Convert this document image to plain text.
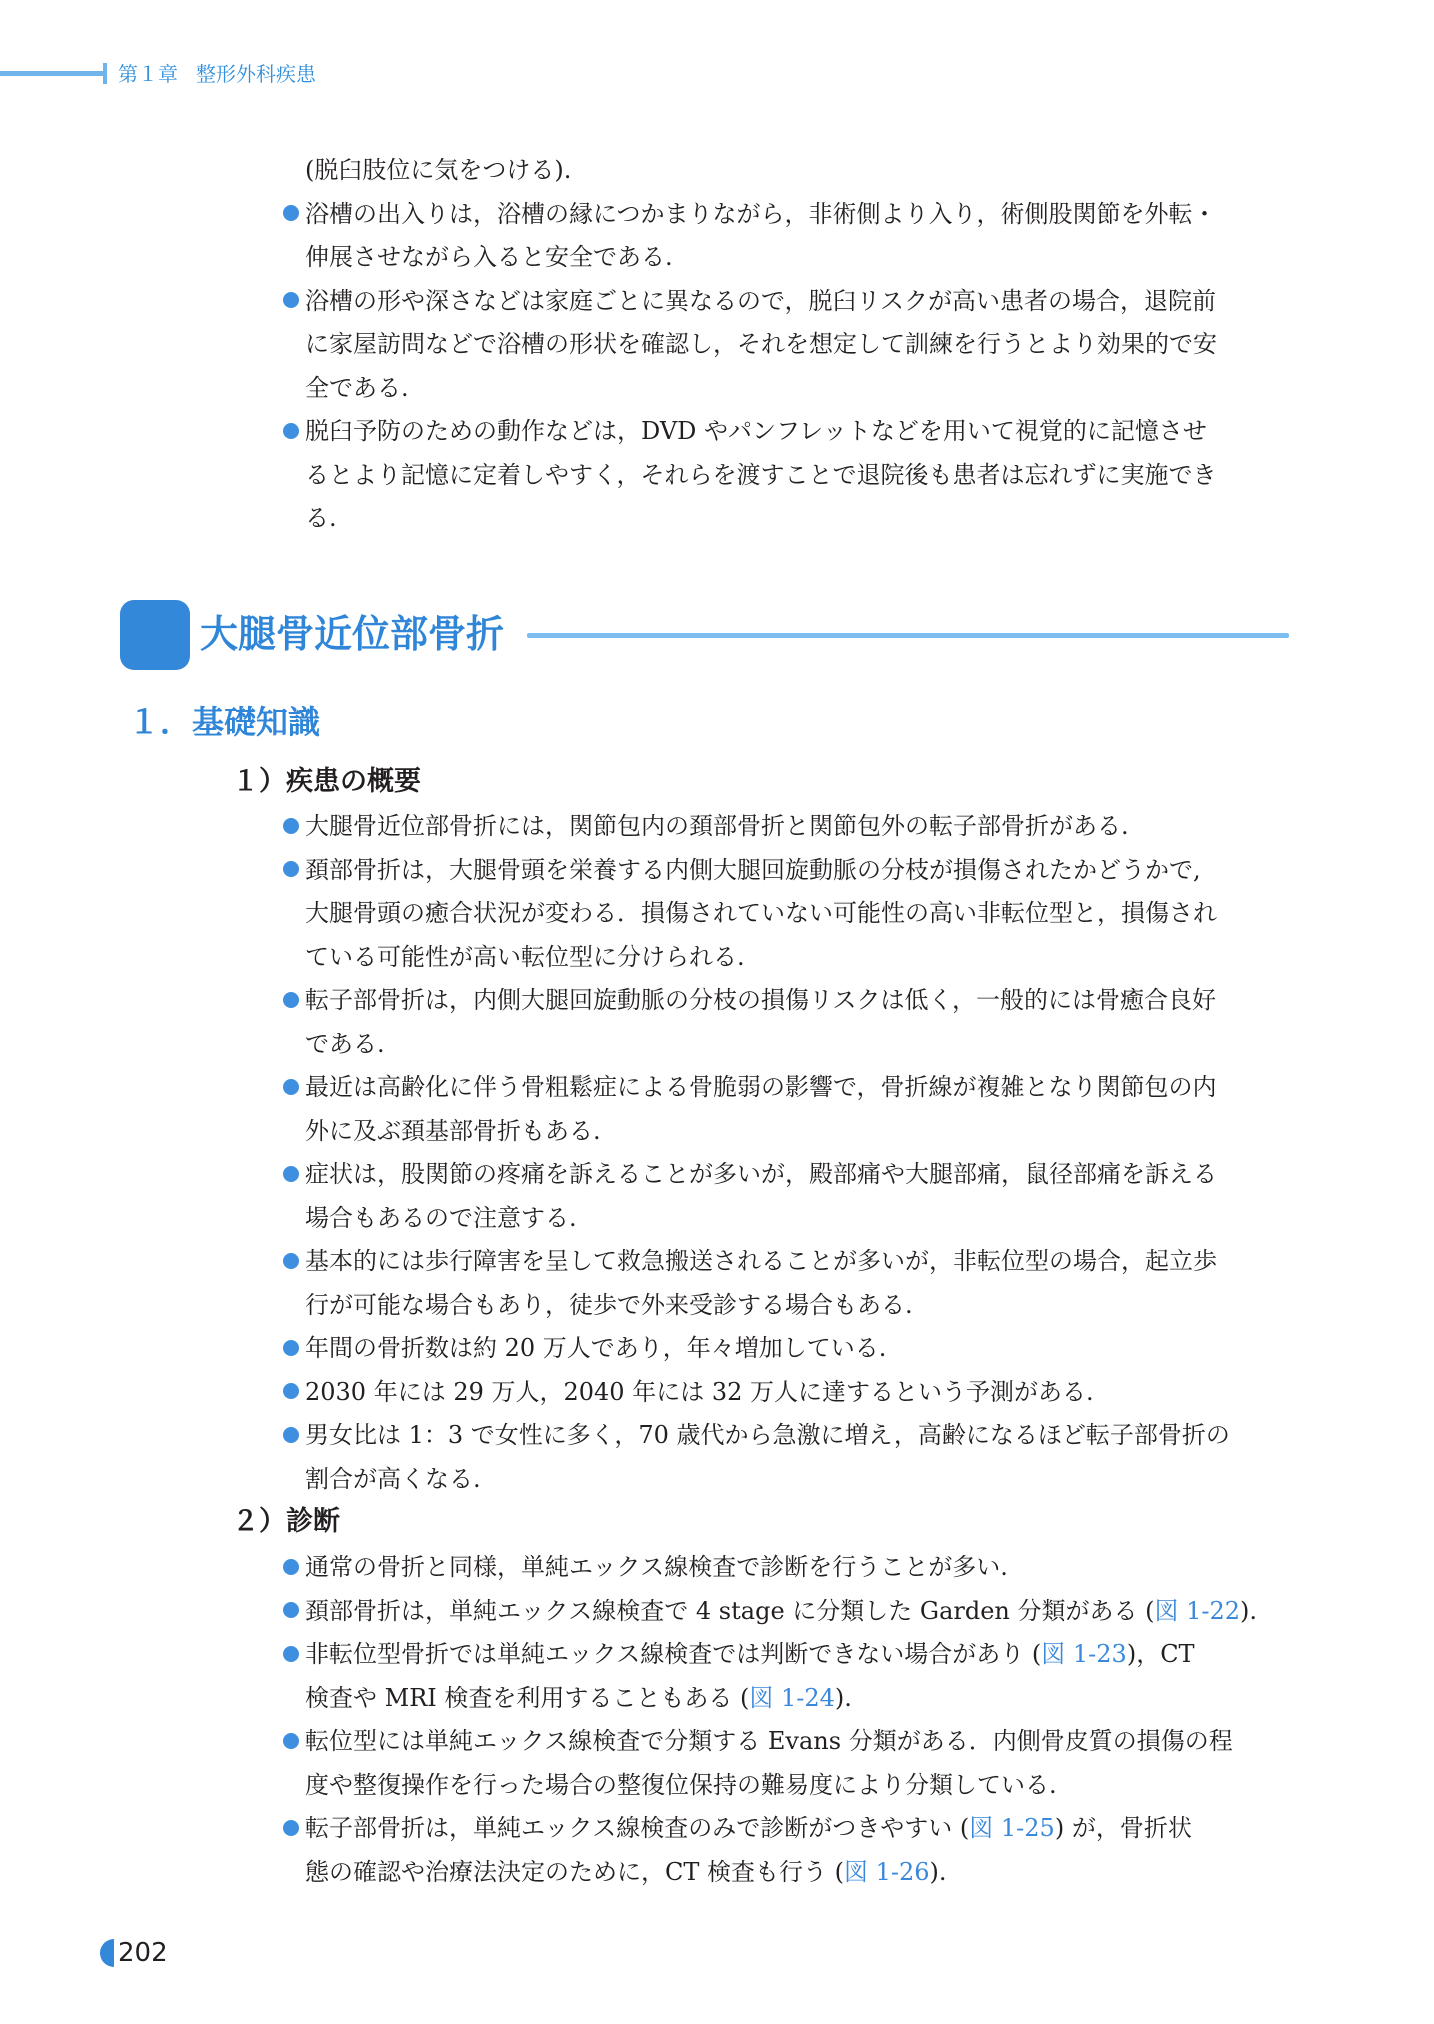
第１章 整形外科疾患
(脱臼肢位に気をつける).
浴槽の出入りは，浴槽の縁につかまりながら，非術側より入り，術側股関節を外転・
伸展させながら入ると安全である.
浴槽の形や深さなどは家庭ごとに異なるので，脱臼リスクが高い患者の場合，退院前
に家屋訪問などで浴槽の形状を確認し，それを想定して訓練を行うとより効果的で安
全である.
脱臼予防のための動作などは，DVD やパンフレットなどを用いて視覚的に記憶させ
るとより記憶に定着しやすく，それらを渡すことで退院後も患者は忘れずに実施でき
る.
大腿骨近位部骨折
１．基礎知識
１）疾患の概要
大腿骨近位部骨折には，関節包内の頚部骨折と関節包外の転子部骨折がある.
頚部骨折は，大腿骨頭を栄養する内側大腿回旋動脈の分枝が損傷されたかどうかで,
大腿骨頭の癒合状況が変わる．損傷されていない可能性の高い非転位型と，損傷され
ている可能性が高い転位型に分けられる.
転子部骨折は，内側大腿回旋動脈の分枝の損傷リスクは低く，一般的には骨癒合良好
である.
最近は高齢化に伴う骨粗鬆症による骨脆弱の影響で，骨折線が複雑となり関節包の内
外に及ぶ頚基部骨折もある.
症状は，股関節の疼痛を訴えることが多いが，殿部痛や大腿部痛，鼠径部痛を訴える
場合もあるので注意する.
基本的には歩行障害を呈して救急搬送されることが多いが，非転位型の場合，起立歩
行が可能な場合もあり，徒歩で外来受診する場合もある.
年間の骨折数は約 20 万人であり，年々増加している.
2030 年には 29 万人，2040 年には 32 万人に達するという予測がある.
男女比は 1：3 で女性に多く，70 歳代から急激に増え，高齢になるほど転子部骨折の
割合が高くなる.
２）診断
通常の骨折と同様，単純エックス線検査で診断を行うことが多い.
頚部骨折は，単純エックス線検査で 4 stage に分類した Garden 分類がある (図 1-22).
非転位型骨折では単純エックス線検査では判断できない場合があり (図 1-23)，CT
検査や MRI 検査を利用することもある (図 1-24).
転位型には単純エックス線検査で分類する Evans 分類がある．内側骨皮質の損傷の程
度や整復操作を行った場合の整復位保持の難易度により分類している.
転子部骨折は，単純エックス線検査のみで診断がつきやすい (図 1-25) が，骨折状
態の確認や治療法決定のために，CT 検査も行う (図 1-26).
202
